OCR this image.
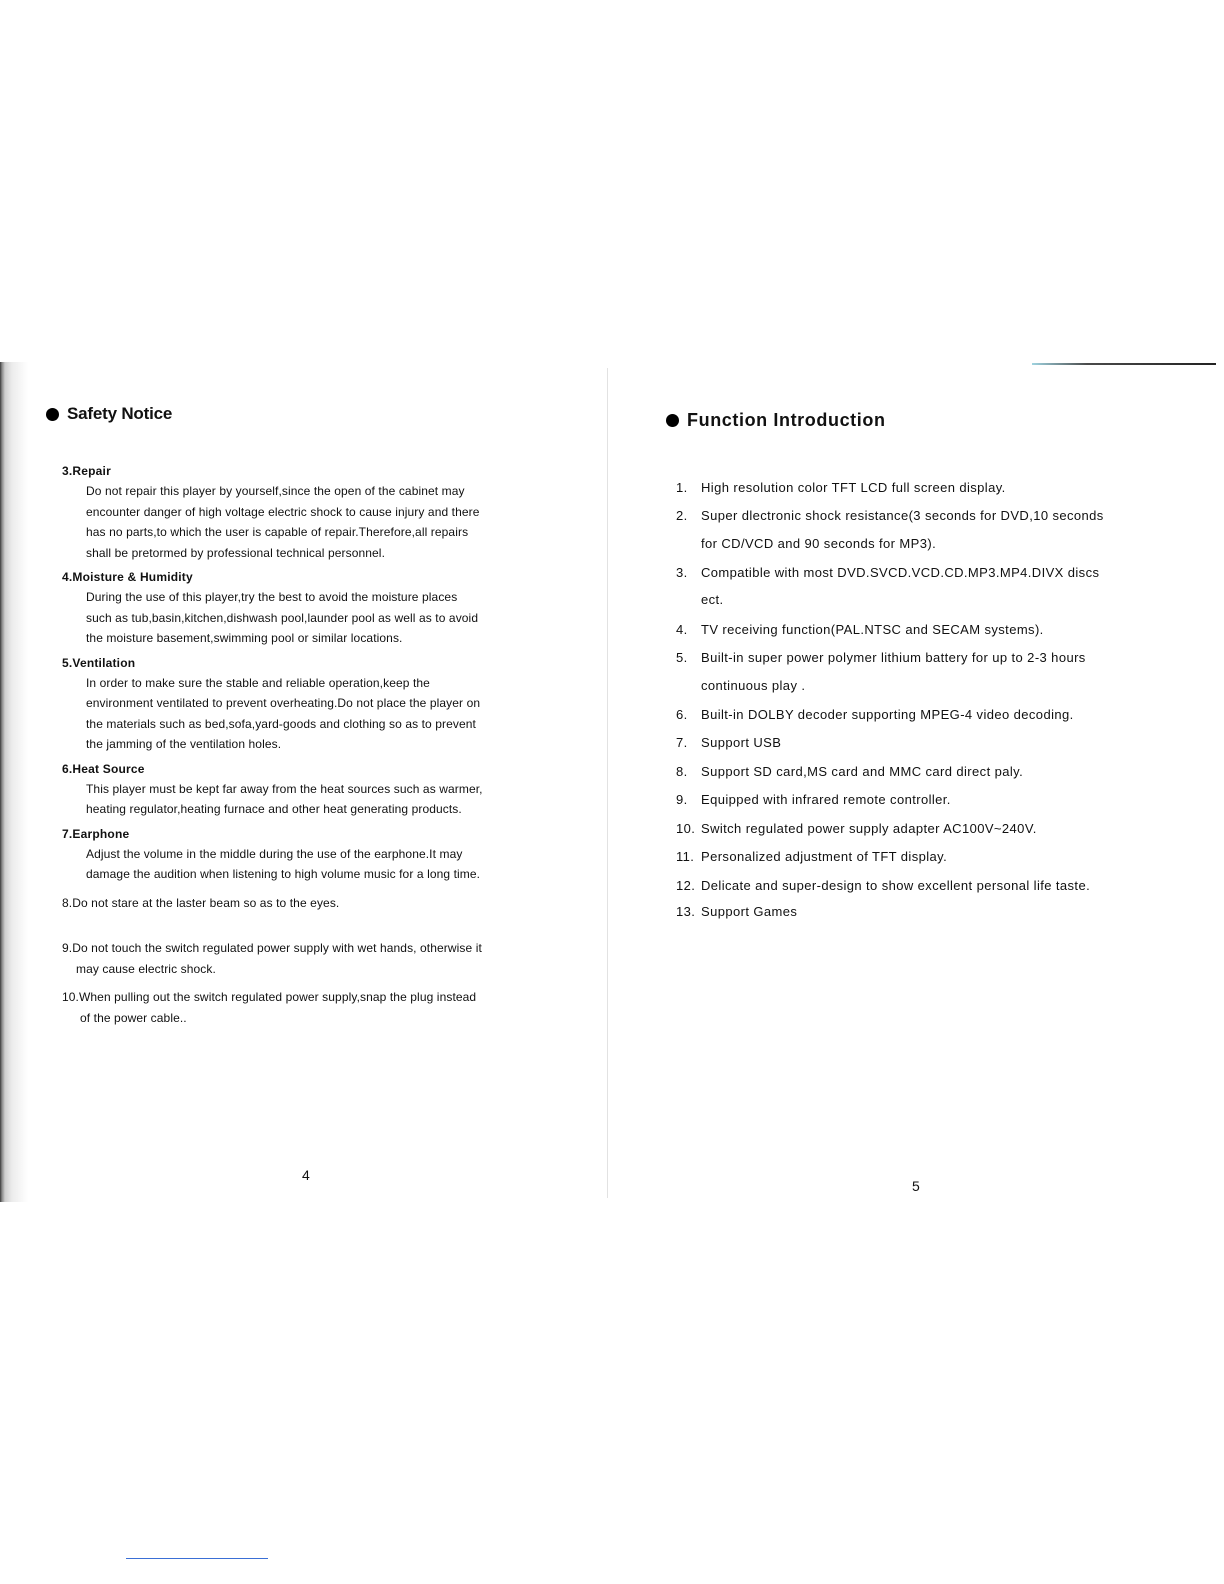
Safety Notice
3.Repair
Do not repair this player by yourself,since the open of the cabinet may
encounter danger of high voltage electric shock to cause injury and there
has no parts,to which the user is capable of repair.Therefore,all repairs
shall be pretormed by professional technical personnel.
4.Moisture & Humidity
During the use of this player,try the best to avoid the moisture places
such as tub,basin,kitchen,dishwash pool,launder pool as well as to avoid
the moisture basement,swimming pool or similar locations.
5.Ventilation
In order to make sure the stable and reliable operation,keep the
environment ventilated to prevent overheating.Do not place the player on
the materials such as bed,sofa,yard-goods and clothing so as to prevent
the jamming of the ventilation holes.
6.Heat Source
This player must be kept far away from the heat sources such as warmer,
heating regulator,heating furnace and other heat generating products.
7.Earphone
Adjust the volume in the middle during the use of the earphone.It may
damage the audition when listening to high volume music for a long time.
8.Do not stare at the laster beam so as to the eyes.
9.Do not touch the switch regulated power supply with wet hands, otherwise it
may cause electric shock.
10.When pulling out the switch regulated power supply,snap the plug instead
of the power cable..
4
Function Introduction
1. High resolution color TFT LCD full screen display.
2. Super dlectronic shock resistance(3 seconds for DVD,10 seconds
for CD/VCD and 90 seconds for MP3).
3. Compatible with most DVD.SVCD.VCD.CD.MP3.MP4.DIVX discs
ect.
4. TV receiving function(PAL.NTSC and SECAM systems).
5. Built-in super power polymer lithium battery for up to 2-3 hours
continuous play .
6. Built-in DOLBY decoder supporting MPEG-4 video decoding.
7. Support USB
8. Support SD card,MS card and MMC card direct paly.
9. Equipped with infrared remote controller.
10. Switch regulated power supply adapter AC100V~240V.
11. Personalized adjustment of TFT display.
12. Delicate and super-design to show excellent personal life taste.
13. Support Games
5
